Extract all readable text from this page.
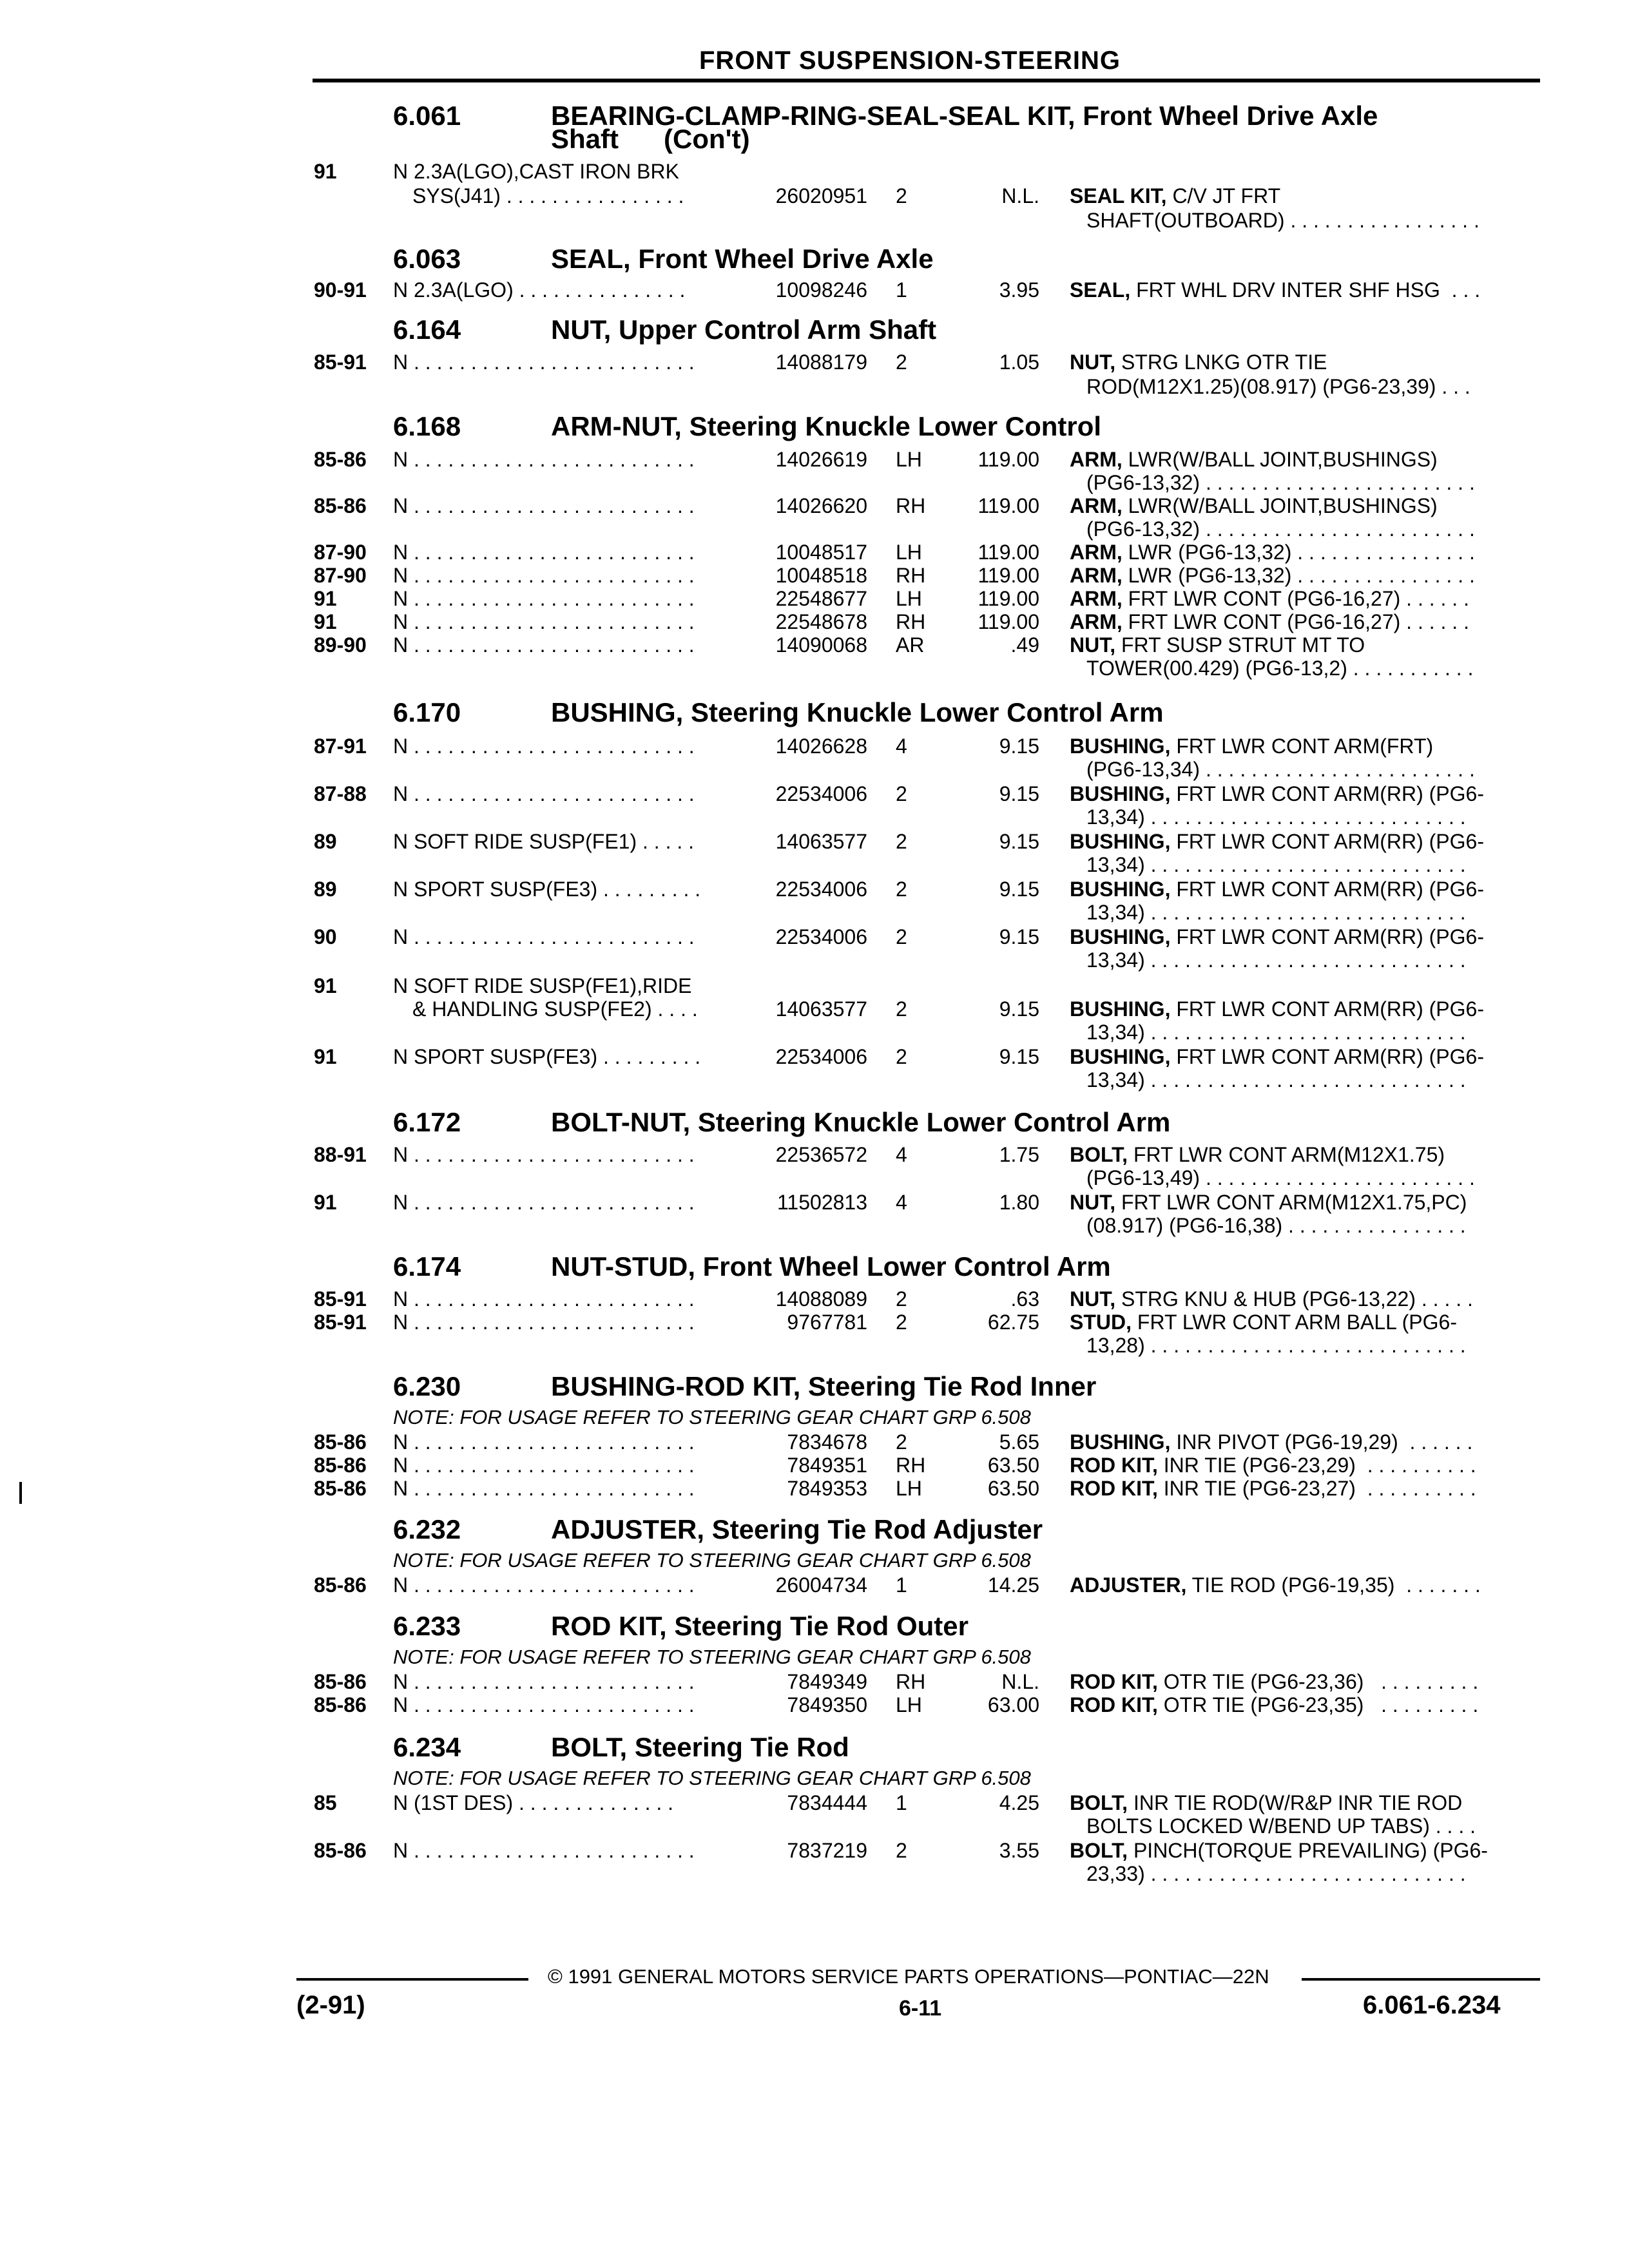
FRONT SUSPENSION-STEERING
6.061	BEARING-CLAMP-RING-SEAL-SEAL KIT, Front Wheel Drive Axle
Shaft      (Con't)
91	N 2.3A(LGO),CAST IRON BRK
SYS(J41) . . . . . . . . . . . . . . . .	26020951 2	N.L. SEAL KIT, C/V JT FRT
SHAFT(OUTBOARD) . . . . . . . . . . . . . . . . .
6.063	SEAL, Front Wheel Drive Axle
90-91 N 2.3A(LGO) . . . . . . . . . . . . . . .	10098246 1	3.95 SEAL, FRT WHL DRV INTER SHF HSG  . . .
6.164	NUT, Upper Control Arm Shaft
85-91 N . . . . . . . . . . . . . . . . . . . . . . . . .	14088179 2	1.05 NUT, STRG LNKG OTR TIE
ROD(M12X1.25)(08.917) (PG6-23,39) . . .
6.168	ARM-NUT, Steering Knuckle Lower Control
85-86 N . . . . . . . . . . . . . . . . . . . . . . . . .	14026619 LH	119.00 ARM, LWR(W/BALL JOINT,BUSHINGS)
(PG6-13,32) . . . . . . . . . . . . . . . . . . . . . . . .
85-86 N . . . . . . . . . . . . . . . . . . . . . . . . .	14026620 RH	119.00 ARM, LWR(W/BALL JOINT,BUSHINGS)
(PG6-13,32) . . . . . . . . . . . . . . . . . . . . . . . .
87-90 N . . . . . . . . . . . . . . . . . . . . . . . . .	10048517 LH	119.00 ARM, LWR (PG6-13,32) . . . . . . . . . . . . . . . .
87-90 N . . . . . . . . . . . . . . . . . . . . . . . . .	10048518 RH	119.00 ARM, LWR (PG6-13,32) . . . . . . . . . . . . . . . .
91	N . . . . . . . . . . . . . . . . . . . . . . . . .	22548677 LH	119.00 ARM, FRT LWR CONT (PG6-16,27) . . . . . .
91	N . . . . . . . . . . . . . . . . . . . . . . . . .	22548678 RH	119.00 ARM, FRT LWR CONT (PG6-16,27) . . . . . .
89-90 N . . . . . . . . . . . . . . . . . . . . . . . . .	14090068 AR	.49 NUT, FRT SUSP STRUT MT TO
TOWER(00.429) (PG6-13,2) . . . . . . . . . . .
6.170	BUSHING, Steering Knuckle Lower Control Arm
87-91 N . . . . . . . . . . . . . . . . . . . . . . . . .	14026628 4	9.15 BUSHING, FRT LWR CONT ARM(FRT)
(PG6-13,34) . . . . . . . . . . . . . . . . . . . . . . . .
87-88 N . . . . . . . . . . . . . . . . . . . . . . . . .	22534006 2	9.15 BUSHING, FRT LWR CONT ARM(RR) (PG6-
13,34) . . . . . . . . . . . . . . . . . . . . . . . . . . . .
89	N SOFT RIDE SUSP(FE1) . . . . .	14063577 2	9.15 BUSHING, FRT LWR CONT ARM(RR) (PG6-
13,34) . . . . . . . . . . . . . . . . . . . . . . . . . . . .
89	N SPORT SUSP(FE3) . . . . . . . . .	22534006 2	9.15 BUSHING, FRT LWR CONT ARM(RR) (PG6-
13,34) . . . . . . . . . . . . . . . . . . . . . . . . . . . .
90	N . . . . . . . . . . . . . . . . . . . . . . . . .	22534006 2	9.15 BUSHING, FRT LWR CONT ARM(RR) (PG6-
13,34) . . . . . . . . . . . . . . . . . . . . . . . . . . . .
91	N SOFT RIDE SUSP(FE1),RIDE
& HANDLING SUSP(FE2) . . . .	14063577 2	9.15 BUSHING, FRT LWR CONT ARM(RR) (PG6-
13,34) . . . . . . . . . . . . . . . . . . . . . . . . . . . .
91	N SPORT SUSP(FE3) . . . . . . . . .	22534006 2	9.15 BUSHING, FRT LWR CONT ARM(RR) (PG6-
13,34) . . . . . . . . . . . . . . . . . . . . . . . . . . . .
6.172	BOLT-NUT, Steering Knuckle Lower Control Arm
88-91 N . . . . . . . . . . . . . . . . . . . . . . . . .	22536572 4	1.75 BOLT, FRT LWR CONT ARM(M12X1.75)
(PG6-13,49) . . . . . . . . . . . . . . . . . . . . . . . .
91	N . . . . . . . . . . . . . . . . . . . . . . . . .	11502813 4	1.80 NUT, FRT LWR CONT ARM(M12X1.75,PC)
(08.917) (PG6-16,38) . . . . . . . . . . . . . . . .
6.174	NUT-STUD, Front Wheel Lower Control Arm
85-91 N . . . . . . . . . . . . . . . . . . . . . . . . .	14088089 2	.63 NUT, STRG KNU & HUB (PG6-13,22) . . . . .
85-91 N . . . . . . . . . . . . . . . . . . . . . . . . .	9767781 2	62.75 STUD, FRT LWR CONT ARM BALL (PG6-
13,28) . . . . . . . . . . . . . . . . . . . . . . . . . . . .
6.230	BUSHING-ROD KIT, Steering Tie Rod Inner
NOTE: FOR USAGE REFER TO STEERING GEAR CHART GRP 6.508
85-86 N . . . . . . . . . . . . . . . . . . . . . . . . .	7834678 2	5.65 BUSHING, INR PIVOT (PG6-19,29)  . . . . . .
85-86 N . . . . . . . . . . . . . . . . . . . . . . . . .	7849351 RH	63.50 ROD KIT, INR TIE (PG6-23,29)  . . . . . . . . . .
85-86 N . . . . . . . . . . . . . . . . . . . . . . . . .	7849353 LH	63.50 ROD KIT, INR TIE (PG6-23,27)  . . . . . . . . . .
6.232	ADJUSTER, Steering Tie Rod Adjuster
NOTE: FOR USAGE REFER TO STEERING GEAR CHART GRP 6.508
85-86 N . . . . . . . . . . . . . . . . . . . . . . . . .	26004734 1	14.25 ADJUSTER, TIE ROD (PG6-19,35)  . . . . . . .
6.233	ROD KIT, Steering Tie Rod Outer
NOTE: FOR USAGE REFER TO STEERING GEAR CHART GRP 6.508
85-86 N . . . . . . . . . . . . . . . . . . . . . . . . .	7849349 RH	N.L. ROD KIT, OTR TIE (PG6-23,36)   . . . . . . . . .
85-86 N . . . . . . . . . . . . . . . . . . . . . . . . .	7849350 LH	63.00 ROD KIT, OTR TIE (PG6-23,35)   . . . . . . . . .
6.234	BOLT, Steering Tie Rod
NOTE: FOR USAGE REFER TO STEERING GEAR CHART GRP 6.508
85	N (1ST DES) . . . . . . . . . . . . . .	7834444 1	4.25 BOLT, INR TIE ROD(W/R&P INR TIE ROD
BOLTS LOCKED W/BEND UP TABS) . . . .
85-86 N . . . . . . . . . . . . . . . . . . . . . . . . .	7837219 2	3.55 BOLT, PINCH(TORQUE PREVAILING) (PG6-
23,33) . . . . . . . . . . . . . . . . . . . . . . . . . . . .
© 1991 GENERAL MOTORS SERVICE PARTS OPERATIONS—PONTIAC—22N
(2-91)	6-11	6.061-6.234
